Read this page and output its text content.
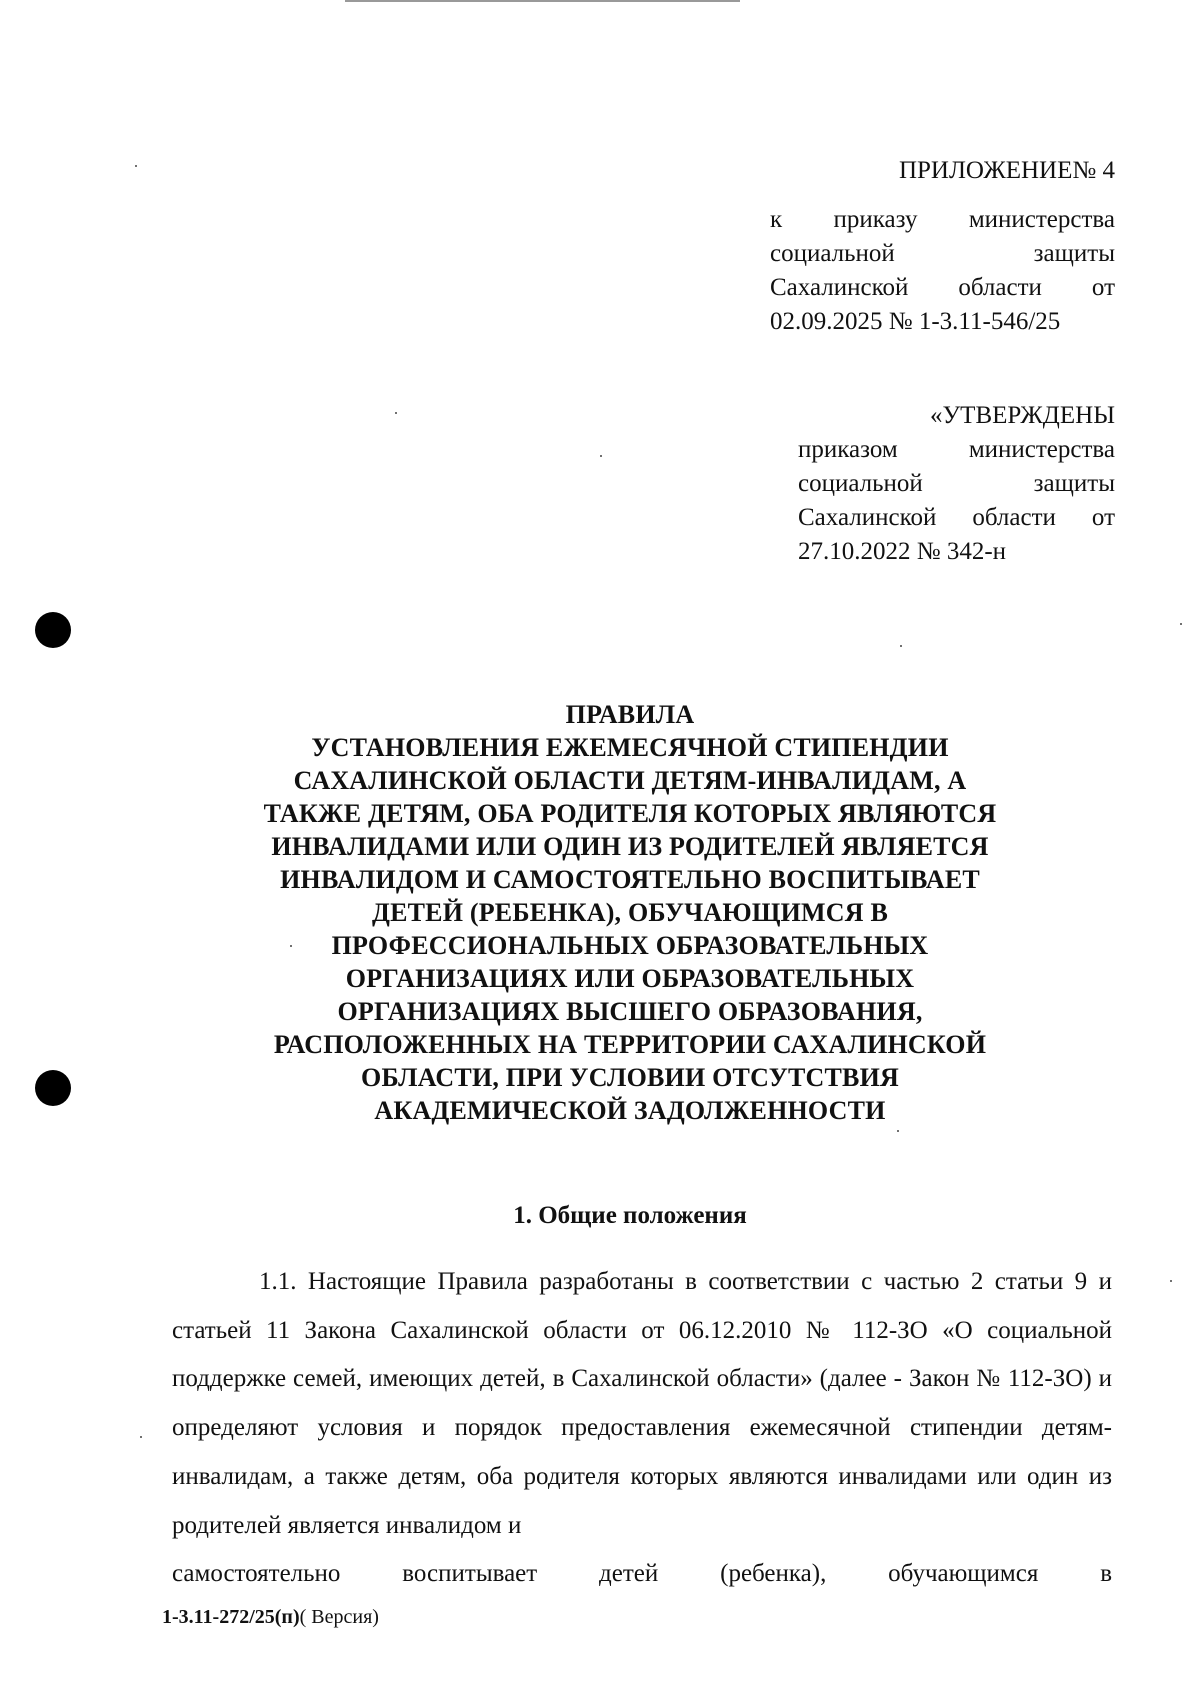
ПРИЛОЖЕНИЕ№ 4
к приказу министерства социальной защиты Сахалинской области от 02.09.2025 № 1-3.11-546/25
«УТВЕРЖДЕНЫ
приказом министерства социальной защиты Сахалинской области от 27.10.2022 № 342-н
ПРАВИЛА
УСТАНОВЛЕНИЯ ЕЖЕМЕСЯЧНОЙ СТИПЕНДИИ
САХАЛИНСКОЙ ОБЛАСТИ ДЕТЯМ-ИНВАЛИДАМ, А
ТАКЖЕ ДЕТЯМ, ОБА РОДИТЕЛЯ КОТОРЫХ ЯВЛЯЮТСЯ
ИНВАЛИДАМИ ИЛИ ОДИН ИЗ РОДИТЕЛЕЙ ЯВЛЯЕТСЯ
ИНВАЛИДОМ И САМОСТОЯТЕЛЬНО ВОСПИТЫВАЕТ
ДЕТЕЙ (РЕБЕНКА), ОБУЧАЮЩИМСЯ В
ПРОФЕССИОНАЛЬНЫХ ОБРАЗОВАТЕЛЬНЫХ
ОРГАНИЗАЦИЯХ ИЛИ ОБРАЗОВАТЕЛЬНЫХ
ОРГАНИЗАЦИЯХ ВЫСШЕГО ОБРАЗОВАНИЯ,
РАСПОЛОЖЕННЫХ НА ТЕРРИТОРИИ САХАЛИНСКОЙ
ОБЛАСТИ, ПРИ УСЛОВИИ ОТСУТСТВИЯ
АКАДЕМИЧЕСКОЙ ЗАДОЛЖЕННОСТИ
1. Общие положения
1.1. Настоящие Правила разработаны в соответствии с частью 2 статьи 9 и статьей 11 Закона Сахалинской области от 06.12.2010 № 112-ЗО «О социальной поддержке семей, имеющих детей, в Сахалинской области» (далее - Закон № 112-ЗО) и определяют условия и порядок предоставления ежемесячной стипендии детям-инвалидам, а также детям, оба родителя которых являются инвалидами или один из родителей является инвалидом и
самостоятельно воспитывает детей (ребенка), обучающимся в
1-3.11-272/25(п)( Версия)
